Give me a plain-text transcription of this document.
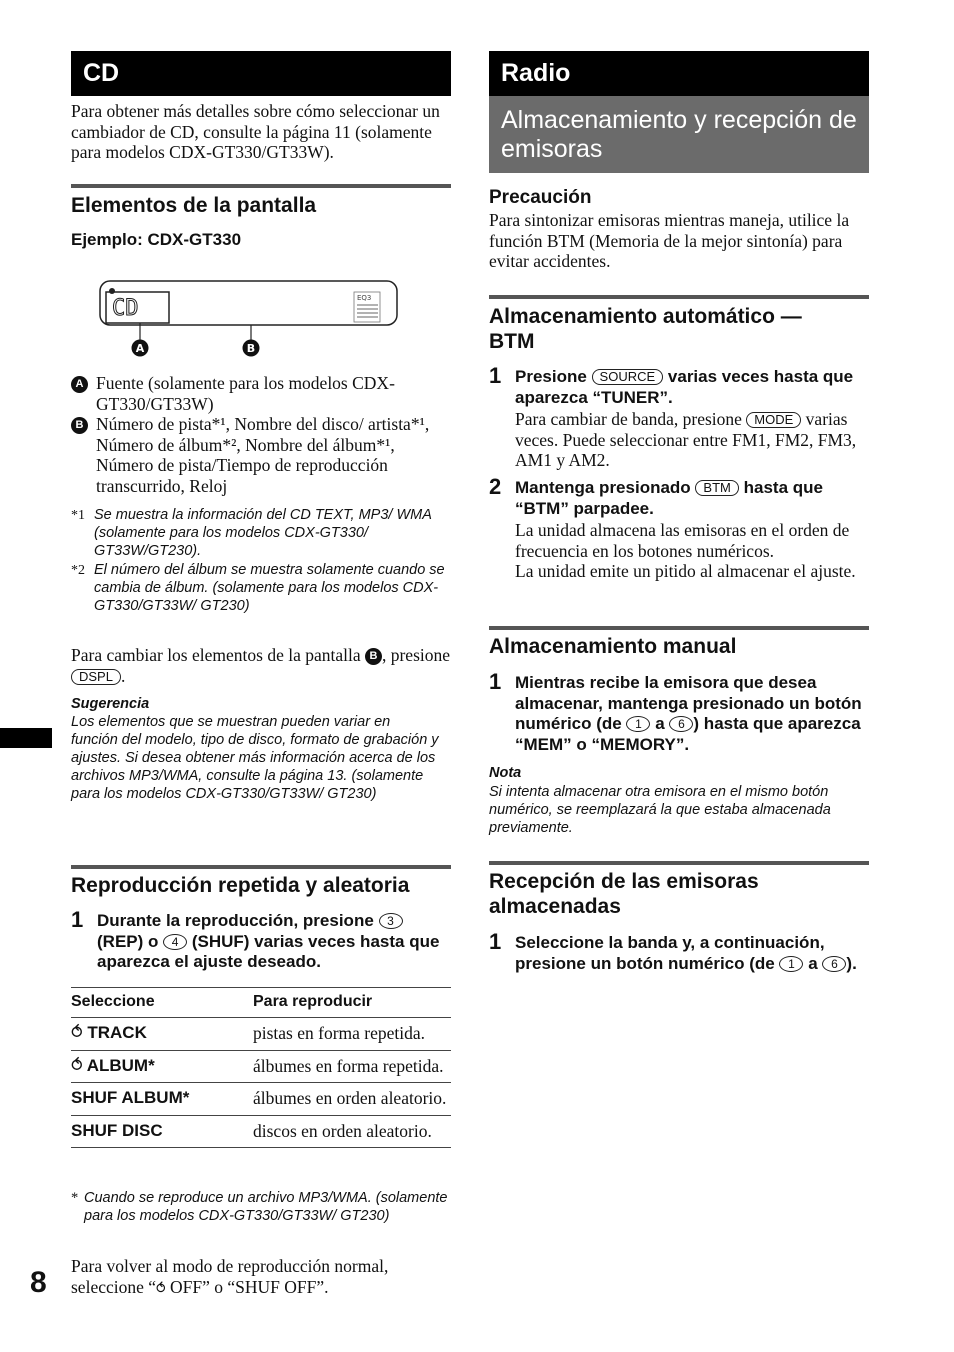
CD
Para obtener más detalles sobre cómo seleccionar un cambiador de CD, consulte la página 11 (solamente para modelos CDX-GT330/GT33W).
Elementos de la pantalla
Ejemplo: CDX-GT330
CD	EQ3
A	B
A Fuente (solamente para los modelos CDX-GT330/GT33W)
B Número de pista*¹, Nombre del disco/ artista*¹, Número de álbum*², Nombre del álbum*¹, Número de pista/Tiempo de reproducción transcurrido, Reloj
*1 Se muestra la información del CD TEXT, MP3/ WMA (solamente para los modelos CDX-GT330/ GT33W/GT230).
*2 El número del álbum se muestra solamente cuando se cambia de álbum. (solamente para los modelos CDX-GT330/GT33W/ GT230)
Para cambiar los elementos de la pantalla B , presione DSPL .
Sugerencia
Los elementos que se muestran pueden variar en función del modelo, tipo de disco, formato de grabación y ajustes. Si desea obtener más información acerca de los archivos MP3/WMA, consulte la página 13. (solamente para los modelos CDX-GT330/GT33W/ GT230)
Reproducción repetida y aleatoria
1 Durante la reproducción, presione 3 (REP) o 4 (SHUF) varias veces hasta que aparezca el ajuste deseado.
Seleccione	Para reproducir
⥀ TRACK	pistas en forma repetida.
⥀ ALBUM*	álbumes en forma repetida.
SHUF ALBUM*	álbumes en orden aleatorio.
SHUF DISC	discos en orden aleatorio.
* Cuando se reproduce un archivo MP3/WMA. (solamente para los modelos CDX-GT330/GT33W/ GT230)
Para volver al modo de reproducción normal, seleccione “⥀ OFF” o “SHUF OFF”.
8
Radio
Almacenamiento y recepción de emisoras
Precaución
Para sintonizar emisoras mientras maneja, utilice la función BTM (Memoria de la mejor sintonía) para evitar accidentes.
Almacenamiento automático — BTM
1 Presione SOURCE varias veces hasta que aparezca “TUNER”.
Para cambiar de banda, presione MODE varias veces. Puede seleccionar entre FM1, FM2, FM3, AM1 y AM2.
2 Mantenga presionado BTM hasta que “BTM” parpadee.
La unidad almacena las emisoras en el orden de frecuencia en los botones numéricos.
La unidad emite un pitido al almacenar el ajuste.
Almacenamiento manual
1 Mientras recibe la emisora que desea almacenar, mantenga presionado un botón numérico (de 1 a 6 ) hasta que aparezca “MEM” o “MEMORY”.
Nota
Si intenta almacenar otra emisora en el mismo botón numérico, se reemplazará la que estaba almacenada previamente.
Recepción de las emisoras almacenadas
1 Seleccione la banda y, a continuación, presione un botón numérico (de 1 a 6 ).
